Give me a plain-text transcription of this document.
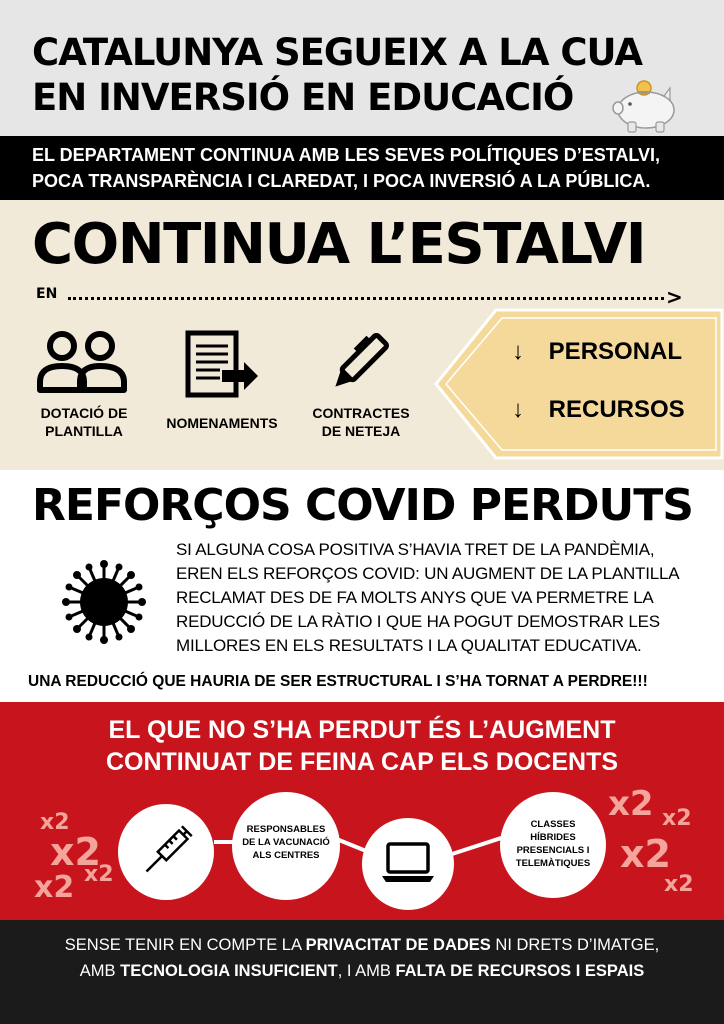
CATALUNYA SEGUEIX A LA CUA
EN INVERSIÓ EN EDUCACIÓ
EL DEPARTAMENT CONTINUA AMB LES SEVES POLÍTIQUES D’ESTALVI,
POCA TRANSPARÈNCIA I CLAREDAT, I POCA INVERSIÓ A LA PÚBLICA.
CONTINUA L’ESTALVI
EN	>
DOTACIÓ DE
PLANTILLA	NOMENAMENTS
CONTRACTES
DE NETEJA
↓ PERSONAL
↓ RECURSOS
REFORÇOS COVID PERDUTS
SI ALGUNA COSA POSITIVA S’HAVIA TRET DE LA PANDÈMIA,
EREN ELS REFORÇOS COVID: UN AUGMENT DE LA PLANTILLA
RECLAMAT DES DE FA MOLTS ANYS QUE VA PERMETRE LA
REDUCCIÓ DE LA RÀTIO I QUE HA POGUT DEMOSTRAR LES
MILLORES EN ELS RESULTATS I LA QUALITAT EDUCATIVA.
UNA REDUCCIÓ QUE HAURIA DE SER ESTRUCTURAL I S’HA TORNAT A PERDRE!!!
EL QUE NO S’HA PERDUT ÉS L’AUGMENT
CONTINUAT DE FEINA CAP ELS DOCENTS
x2
x2
x2 x2
x2 x2
x2
x2
RESPONSABLES
DE LA VACUNACIÓ
ALS CENTRES
CLASSES
HÍBRIDES
PRESENCIALS I
TELEMÀTIQUES
SENSE TENIR EN COMPTE LA PRIVACITAT DE DADES NI DRETS D’IMATGE,
AMB TECNOLOGIA INSUFICIENT, I AMB FALTA DE RECURSOS I ESPAIS
